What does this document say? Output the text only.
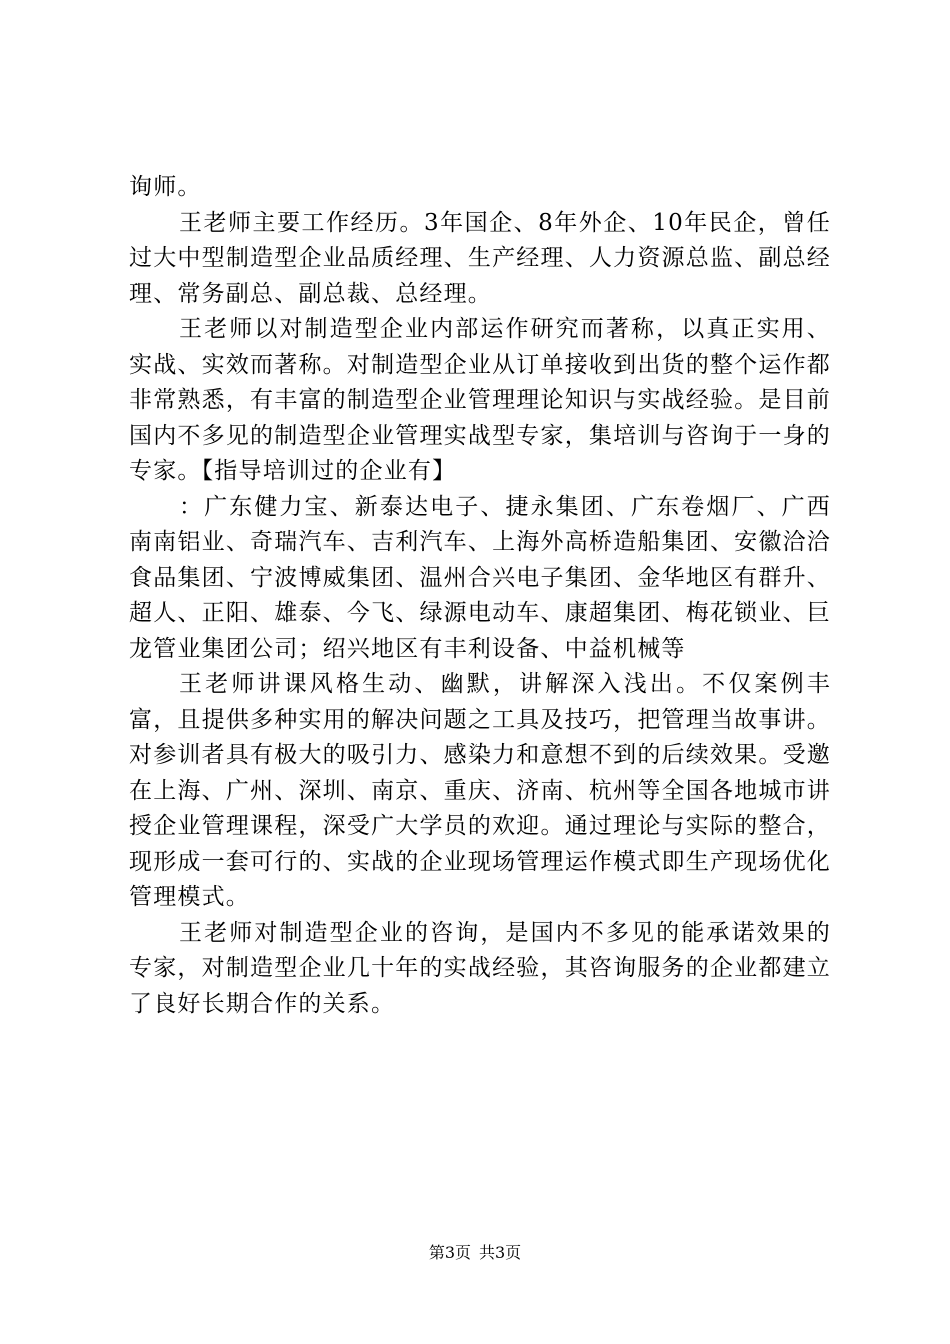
询师。

王老师主要工作经历。3年国企、8年外企、10年民企，曾任过大中型制造型企业品质经理、生产经理、人力资源总监、副总经理、常务副总、副总裁、总经理。

王老师以对制造型企业内部运作研究而著称，以真正实用、实战、实效而著称。对制造型企业从订单接收到出货的整个运作都非常熟悉，有丰富的制造型企业管理理论知识与实战经验。是目前国内不多见的制造型企业管理实战型专家，集培训与咨询于一身的专家。【指导培训过的企业有】

：广东健力宝、新泰达电子、捷永集团、广东卷烟厂、广西南南铝业、奇瑞汽车、吉利汽车、上海外高桥造船集团、安徽洽洽食品集团、宁波博威集团、温州合兴电子集团、金华地区有群升、超人、正阳、雄泰、今飞、绿源电动车、康超集团、梅花锁业、巨龙管业集团公司；绍兴地区有丰利设备、中益机械等

王老师讲课风格生动、幽默，讲解深入浅出。不仅案例丰富，且提供多种实用的解决问题之工具及技巧，把管理当故事讲。对参训者具有极大的吸引力、感染力和意想不到的后续效果。受邀在上海、广州、深圳、南京、重庆、济南、杭州等全国各地城市讲授企业管理课程，深受广大学员的欢迎。通过理论与实际的整合，现形成一套可行的、实战的企业现场管理运作模式即生产现场优化管理模式。

王老师对制造型企业的咨询，是国内不多见的能承诺效果的专家，对制造型企业几十年的实战经验，其咨询服务的企业都建立了良好长期合作的关系。

第3页 共3页
